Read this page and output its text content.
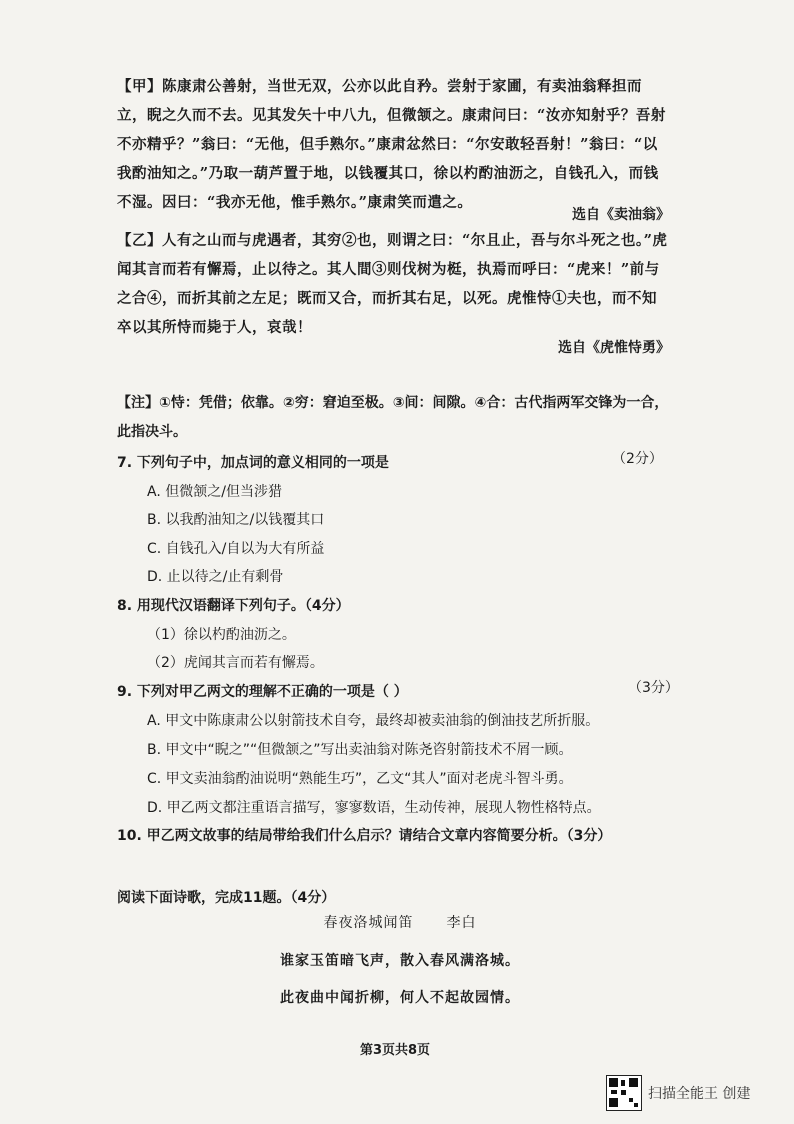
【甲】陈康肃公善射，当世无双，公亦以此自矜。尝射于家圃，有卖油翁释担而立，睨之久而不去。见其发矢十中八九，但微颔之。康肃问曰：“汝亦知射乎？吾射不亦精乎？”翁曰：“无他，但手熟尔。”康肃忿然曰：“尔安敢轻吾射！”翁曰：“以我酌油知之。”乃取一葫芦置于地，以钱覆其口，徐以杓酌油沥之，自钱孔入，而钱不湿。因曰：“我亦无他，惟手熟尔。”康肃笑而遣之。
选自《卖油翁》
【乙】人有之山而与虎遇者，其穷②也，则谓之曰：“尔且止，吾与尔斗死之也。”虎闻其言而若有懈焉，止以待之。其人間③则伐树为梃，执焉而呼曰：“虎来！”前与之合④，而折其前之左足；既而又合，而折其右足，以死。虎惟恃①夫也，而不知卒以其所恃而毙于人，哀哉！
选自《虎惟恃勇》
【注】①恃：凭借；依靠。②穷：窘迫至极。③间：间隙。④合：古代指两军交锋为一合，此指决斗。
7. 下列句子中，加点词的意义相同的一项是	（2分）
A. 但微颔之/但当涉猎
B. 以我酌油知之/以钱覆其口
C. 自钱孔入/自以为大有所益
D. 止以待之/止有剩骨
8. 用现代汉语翻译下列句子。（4分）
（1）徐以杓酌油沥之。
（2）虎闻其言而若有懈焉。
9. 下列对甲乙两文的理解不正确的一项是（ ）	（3分）
A. 甲文中陈康肃公以射箭技术自夸，最终却被卖油翁的倒油技艺所折服。
B. 甲文中“睨之”“但微颔之”写出卖油翁对陈尧咨射箭技术不屑一顾。
C. 甲文卖油翁酌油说明“熟能生巧”，乙文“其人”面对老虎斗智斗勇。
D. 甲乙两文都注重语言描写，寥寥数语，生动传神，展现人物性格特点。
10. 甲乙两文故事的结局带给我们什么启示？请结合文章内容简要分析。（3分）
阅读下面诗歌，完成11题。（4分）
春夜洛城闻笛 李白
谁家玉笛暗飞声，散入春风满洛城。
此夜曲中闻折柳，何人不起故园情。
第3页共8页
扫描全能王 创建
